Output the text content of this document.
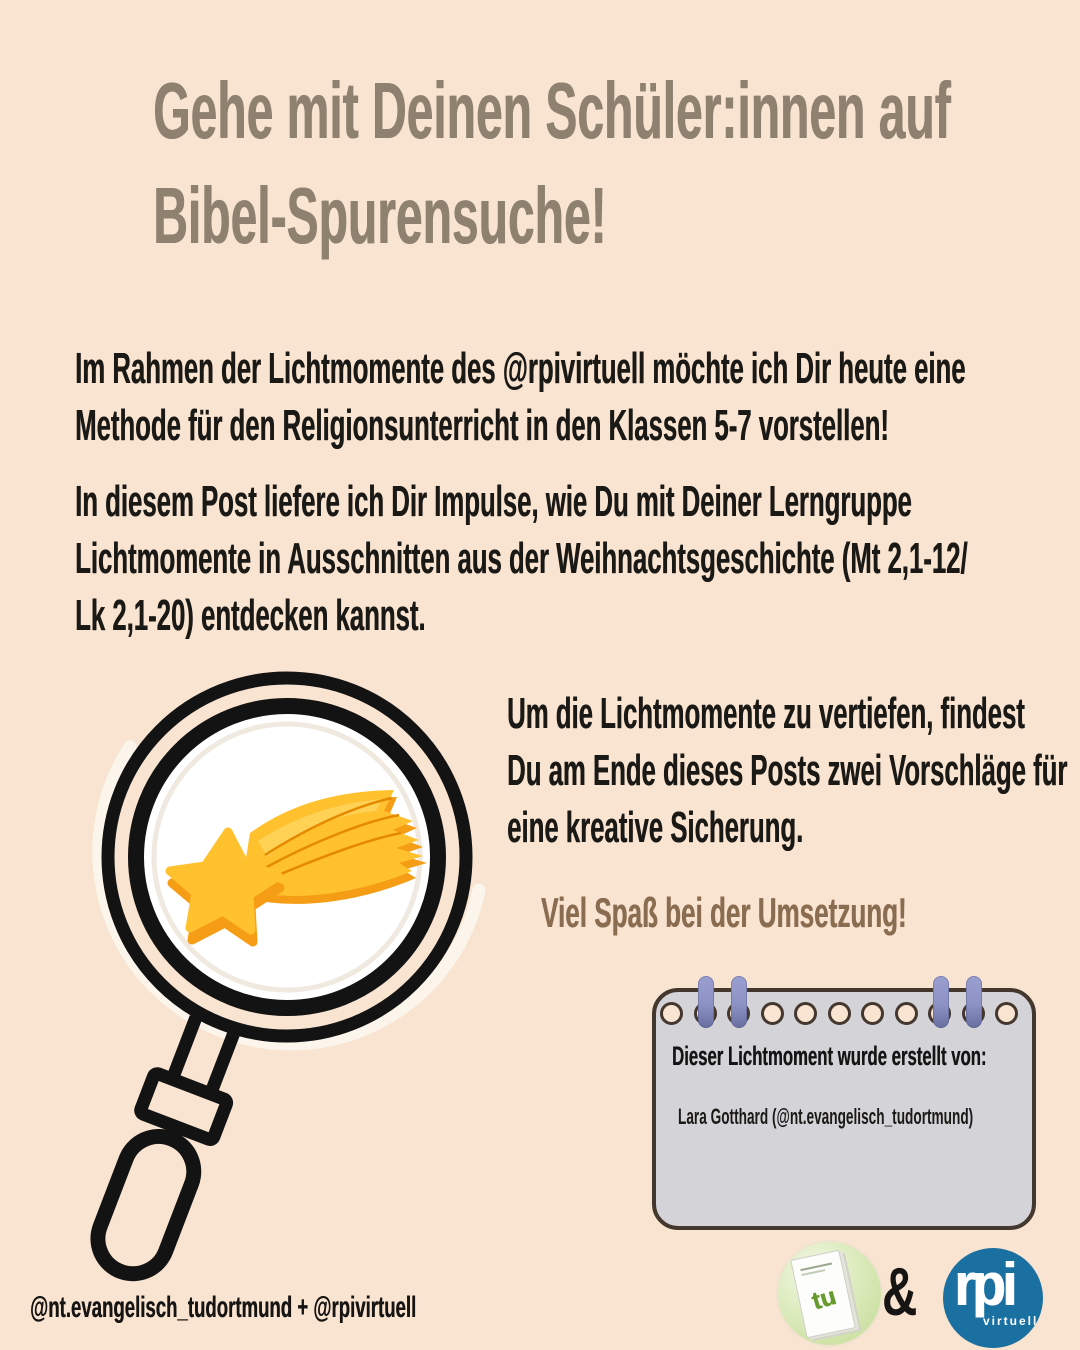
Gehe mit Deinen Schüler:innen auf
Bibel-Spurensuche!
Im Rahmen der Lichtmomente des @rpivirtuell möchte ich Dir heute eine
Methode für den Religionsunterricht in den Klassen 5-7 vorstellen!
In diesem Post liefere ich Dir Impulse, wie Du mit Deiner Lerngruppe
Lichtmomente in Ausschnitten aus der Weihnachtsgeschichte (Mt 2,1-12/
Lk 2,1-20) entdecken kannst.
Um die Lichtmomente zu vertiefen, findest
Du am Ende dieses Posts zwei Vorschläge für
eine kreative Sicherung.
Viel Spaß bei der Umsetzung!
Dieser Lichtmoment wurde erstellt von:
Lara Gotthard (@nt.evangelisch_tudortmund)
tu & rpi
virtuell
@nt.evangelisch_tudortmund + @rpivirtuell
